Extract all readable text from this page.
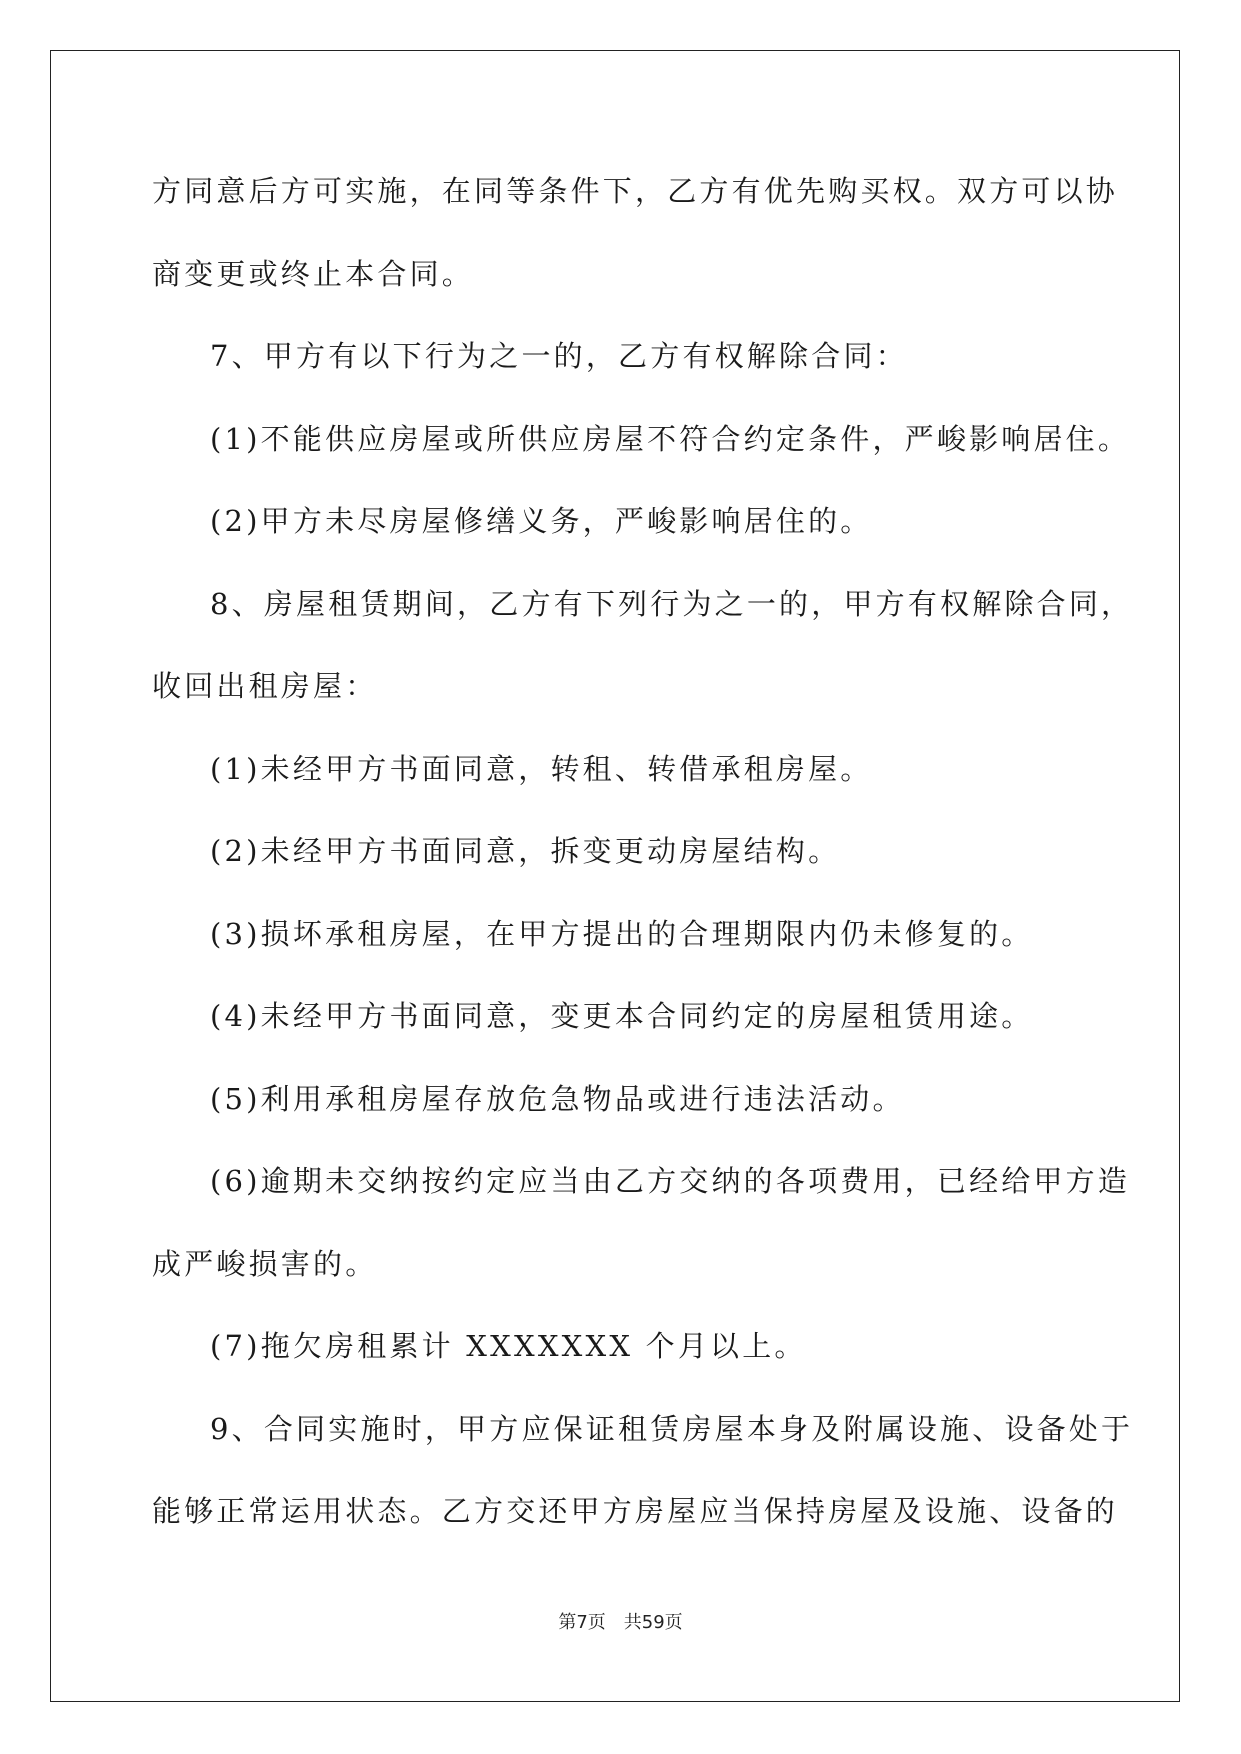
方同意后方可实施，在同等条件下，乙方有优先购买权。双方可以协
商变更或终止本合同。
7、甲方有以下行为之一的，乙方有权解除合同：
(1)不能供应房屋或所供应房屋不符合约定条件，严峻影响居住。
(2)甲方未尽房屋修缮义务，严峻影响居住的。
8、房屋租赁期间，乙方有下列行为之一的，甲方有权解除合同，
收回出租房屋：
(1)未经甲方书面同意，转租、转借承租房屋。
(2)未经甲方书面同意，拆变更动房屋结构。
(3)损坏承租房屋，在甲方提出的合理期限内仍未修复的。
(4)未经甲方书面同意，变更本合同约定的房屋租赁用途。
(5)利用承租房屋存放危急物品或进行违法活动。
(6)逾期未交纳按约定应当由乙方交纳的各项费用，已经给甲方造
成严峻损害的。
(7)拖欠房租累计 XXXXXXX 个月以上。
9、合同实施时，甲方应保证租赁房屋本身及附属设施、设备处于
能够正常运用状态。乙方交还甲方房屋应当保持房屋及设施、设备的
第7页 共59页
